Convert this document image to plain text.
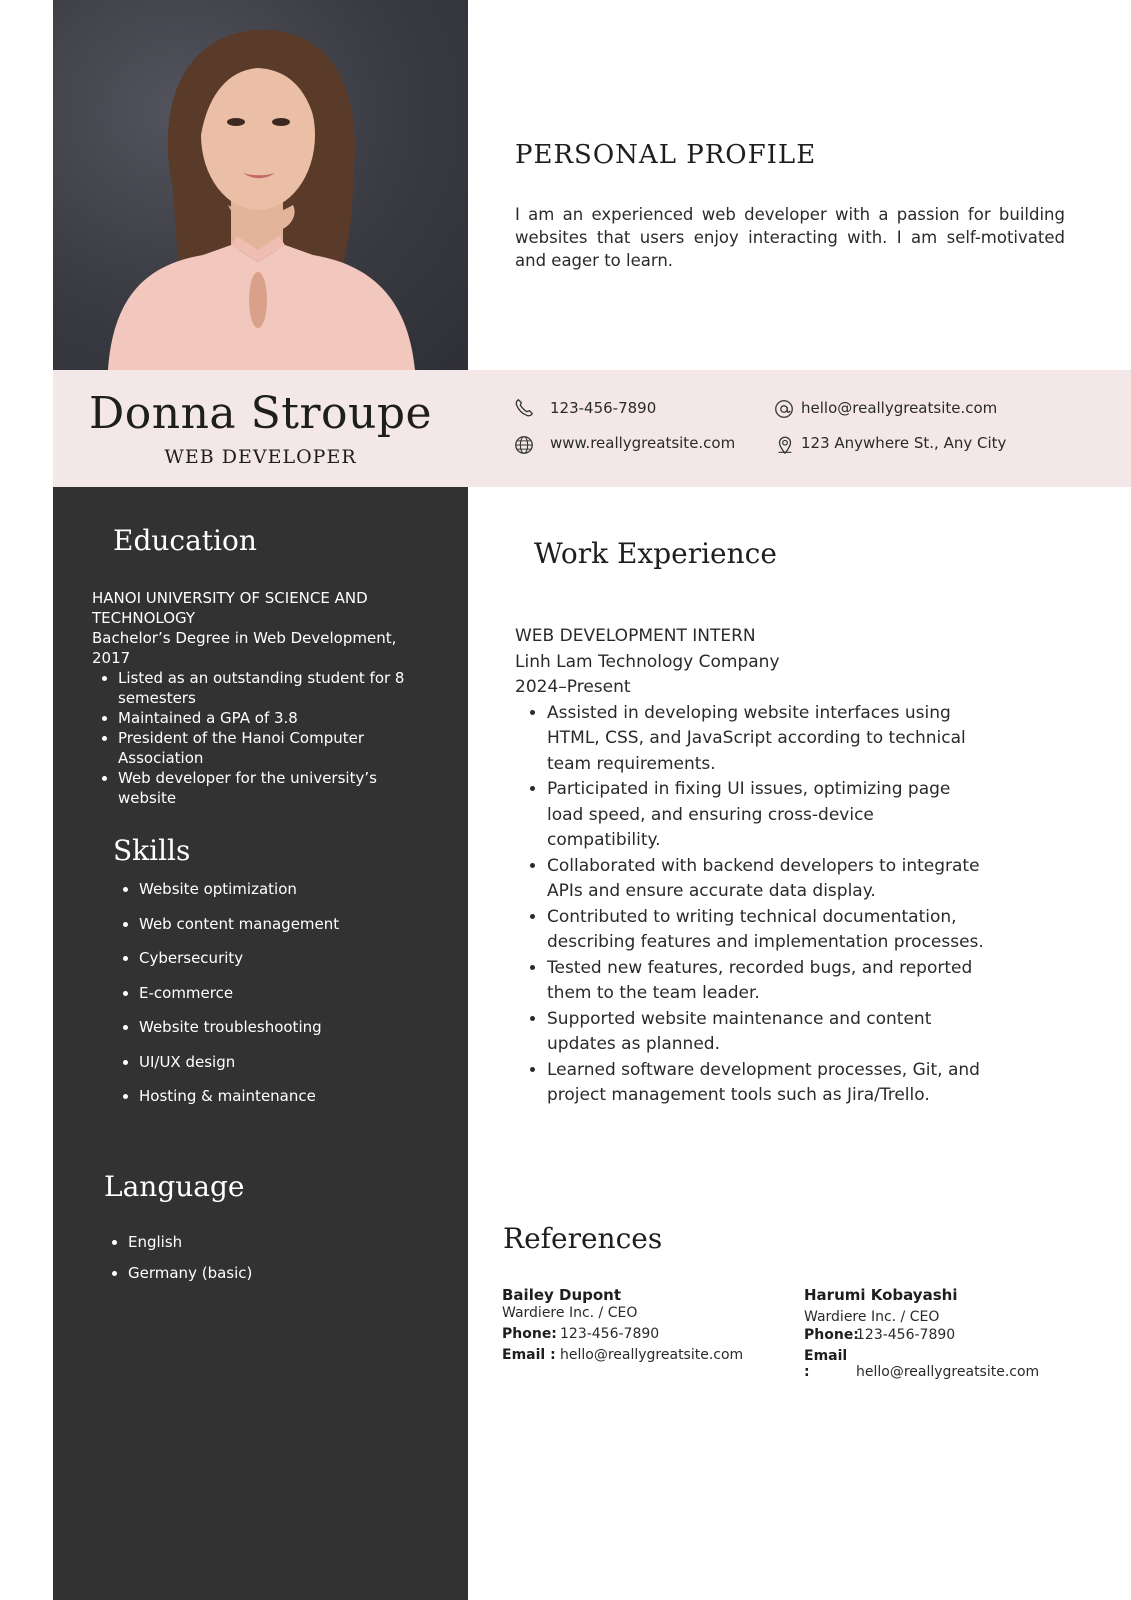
Donna Stroupe
WEB DEVELOPER
123-456-7890	hello@reallygreatsite.com
www.reallygreatsite.com	123 Anywhere St., Any City
PERSONAL PROFILE
I am an experienced web developer with a passion for building websites that users enjoy interacting with. I am self-motivated and eager to learn.
Education
HANOI UNIVERSITY OF SCIENCE AND TECHNOLOGY
Bachelor’s Degree in Web Development, 2017
• Listed as an outstanding student for 8 semesters
• Maintained a GPA of 3.8
• President of the Hanoi Computer Association
• Web developer for the university’s website
Skills
• Website optimization
• Web content management
• Cybersecurity
• E-commerce
• Website troubleshooting
• UI/UX design
• Hosting & maintenance
Language
• English
• Germany (basic)
Work Experience
WEB DEVELOPMENT INTERN
Linh Lam Technology Company
2024–Present
• Assisted in developing website interfaces using HTML, CSS, and JavaScript according to technical team requirements.
• Participated in fixing UI issues, optimizing page load speed, and ensuring cross-device compatibility.
• Collaborated with backend developers to integrate APIs and ensure accurate data display.
• Contributed to writing technical documentation, describing features and implementation processes.
• Tested new features, recorded bugs, and reported them to the team leader.
• Supported website maintenance and content updates as planned.
• Learned software development processes, Git, and project management tools such as Jira/Trello.
References
Bailey Dupont
Wardiere Inc. / CEO
Phone: 123-456-7890
Email : hello@reallygreatsite.com
Harumi Kobayashi
Wardiere Inc. / CEO
Phone:123-456-7890
Email :	hello@reallygreatsite.com
